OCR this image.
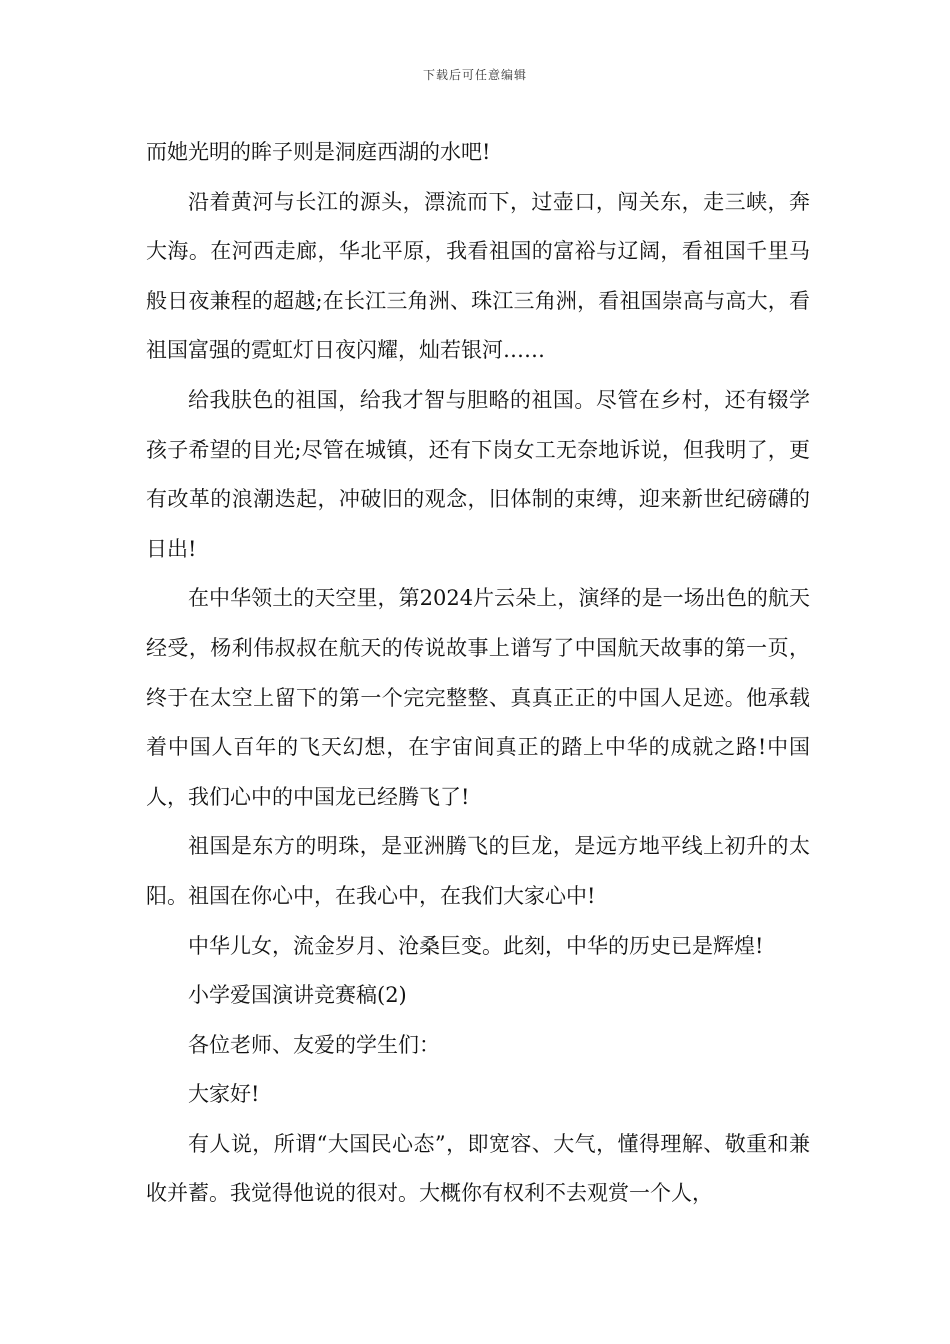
下载后可任意编辑

而她光明的眸子则是洞庭西湖的水吧!

沿着黄河与长江的源头，漂流而下，过壶口，闯关东，走三峡，奔大海。在河西走廊，华北平原，我看祖国的富裕与辽阔，看祖国千里马般日夜兼程的超越;在长江三角洲、珠江三角洲，看祖国崇高与高大，看祖国富强的霓虹灯日夜闪耀，灿若银河……

给我肤色的祖国，给我才智与胆略的祖国。尽管在乡村，还有辍学孩子希望的目光;尽管在城镇，还有下岗女工无奈地诉说，但我明了，更有改革的浪潮迭起，冲破旧的观念，旧体制的束缚，迎来新世纪磅礴的日出!

在中华领土的天空里，第2024片云朵上，演绎的是一场出色的航天经受，杨利伟叔叔在航天的传说故事上谱写了中国航天故事的第一页，终于在太空上留下的第一个完完整整、真真正正的中国人足迹。他承载着中国人百年的飞天幻想，在宇宙间真正的踏上中华的成就之路!中国人，我们心中的中国龙已经腾飞了!

祖国是东方的明珠，是亚洲腾飞的巨龙，是远方地平线上初升的太阳。祖国在你心中，在我心中，在我们大家心中!

中华儿女，流金岁月、沧桑巨变。此刻，中华的历史已是辉煌!

小学爱国演讲竞赛稿(2)

各位老师、友爱的学生们：

大家好!

有人说，所谓“大国民心态”，即宽容、大气，懂得理解、敬重和兼收并蓄。我觉得他说的很对。大概你有权利不去观赏一个人，
